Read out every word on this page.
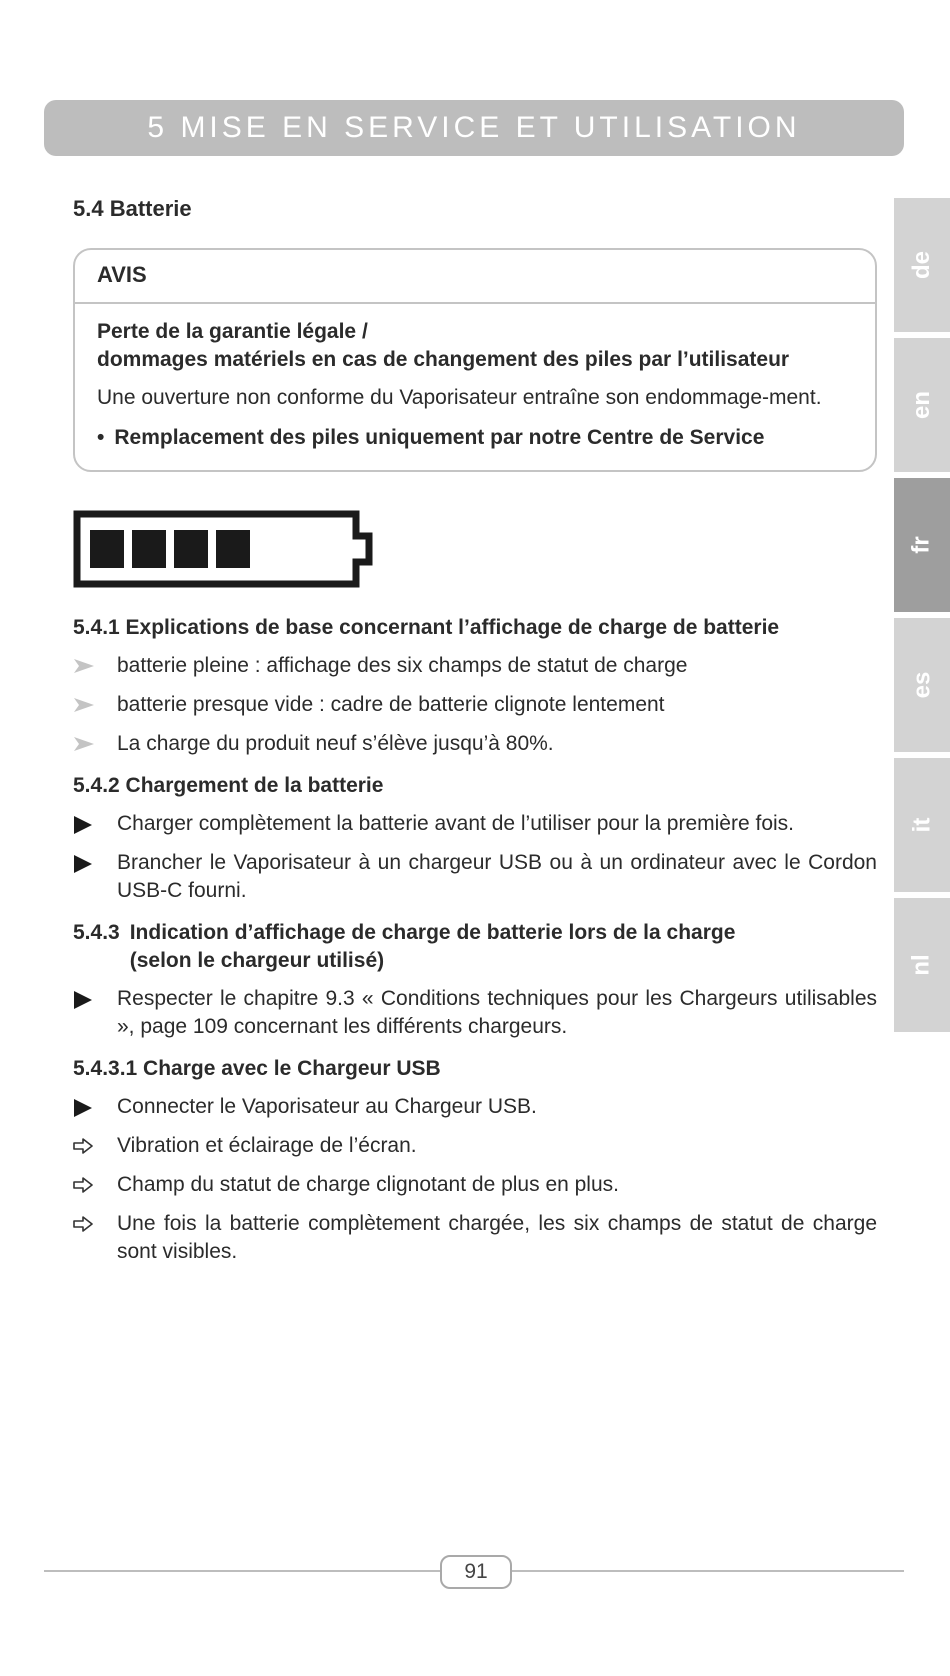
5 MISE EN SERVICE ET UTILISATION
de
en
fr
es
it
nl
5.4 Batterie
AVIS
Perte de la garantie légale /
dommages matériels en cas de changement des piles par l’utilisateur
Une ouverture non conforme du Vaporisateur entraîne son endommage-ment.
• Remplacement des piles uniquement par notre Centre de Service
5.4.1 Explications de base concernant l’affichage de charge de batterie
batterie pleine : affichage des six champs de statut de charge
batterie presque vide : cadre de batterie clignote lentement
La charge du produit neuf s’élève jusqu’à 80%.
5.4.2 Chargement de la batterie
Charger complètement la batterie avant de l’utiliser pour la première fois.
Brancher le Vaporisateur à un chargeur USB ou à un ordinateur avec le Cordon USB-C fourni.
5.4.3 Indication d’affichage de charge de batterie lors de la charge
(selon le chargeur utilisé)
Respecter le chapitre 9.3 « Conditions techniques pour les Chargeurs utilisables », page 109 concernant les différents chargeurs.
5.4.3.1 Charge avec le Chargeur USB
Connecter le Vaporisateur au Chargeur USB.
Vibration et éclairage de l’écran.
Champ du statut de charge clignotant de plus en plus.
Une fois la batterie complètement chargée, les six champs de statut de charge sont visibles.
91
